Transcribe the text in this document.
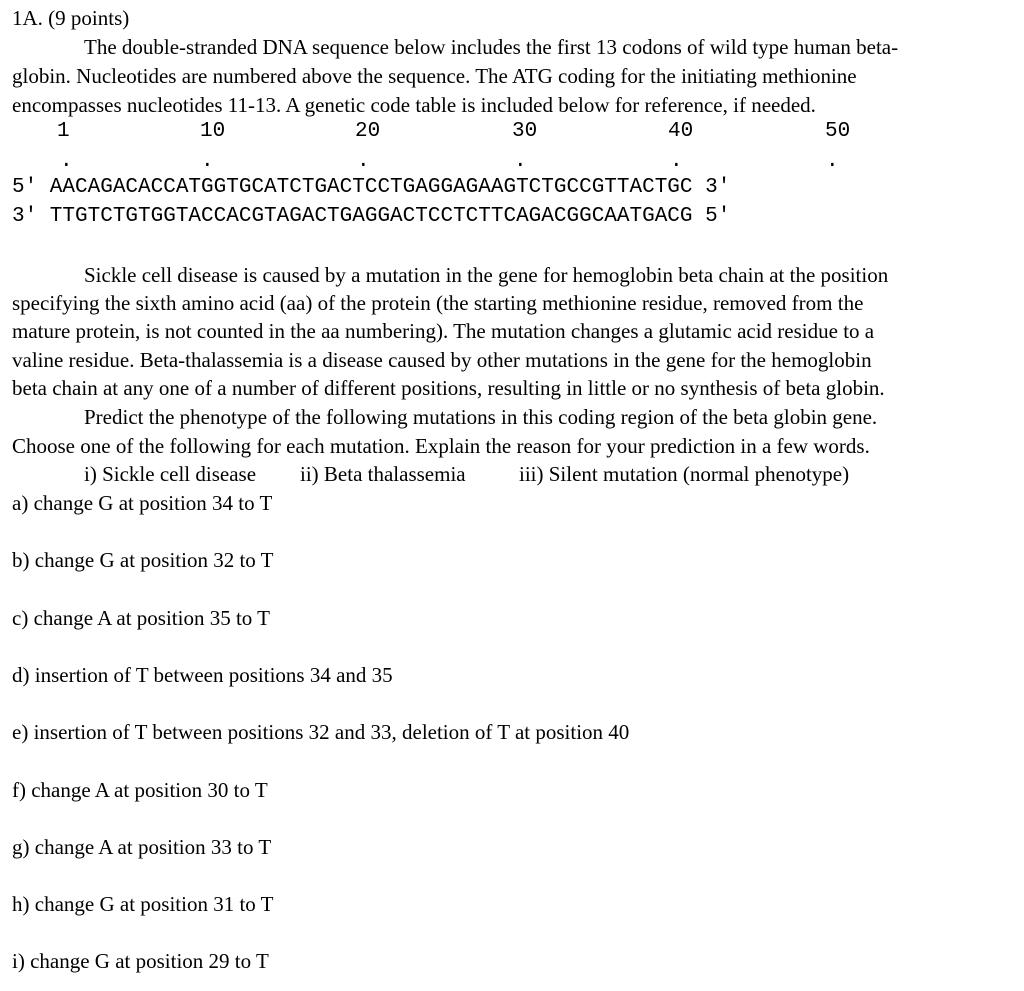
1A. (9 points)
The double-stranded DNA sequence below includes the first 13 codons of wild type human beta-
globin. Nucleotides are numbered above the sequence. The ATG coding for the initiating methionine
encompasses nucleotides 11-13. A genetic code table is included below for reference, if needed.
1	10	20	30	40	50
.	.	.	.	.	.
5' AACAGACACCATGGTGCATCTGACTCCTGAGGAGAAGTCTGCCGTTACTGC 3'
3' TTGTCTGTGGTACCACGTAGACTGAGGACTCCTCTTCAGACGGCAATGACG 5'
Sickle cell disease is caused by a mutation in the gene for hemoglobin beta chain at the position
specifying the sixth amino acid (aa) of the protein (the starting methionine residue, removed from the
mature protein, is not counted in the aa numbering). The mutation changes a glutamic acid residue to a
valine residue. Beta-thalassemia is a disease caused by other mutations in the gene for the hemoglobin
beta chain at any one of a number of different positions, resulting in little or no synthesis of beta globin.
Predict the phenotype of the following mutations in this coding region of the beta globin gene.
Choose one of the following for each mutation. Explain the reason for your prediction in a few words.
i) Sickle cell disease ii) Beta thalassemia	iii) Silent mutation (normal phenotype)
a) change G at position 34 to T
b) change G at position 32 to T
c) change A at position 35 to T
d) insertion of T between positions 34 and 35
e) insertion of T between positions 32 and 33, deletion of T at position 40
f) change A at position 30 to T
g) change A at position 33 to T
h) change G at position 31 to T
i) change G at position 29 to T
